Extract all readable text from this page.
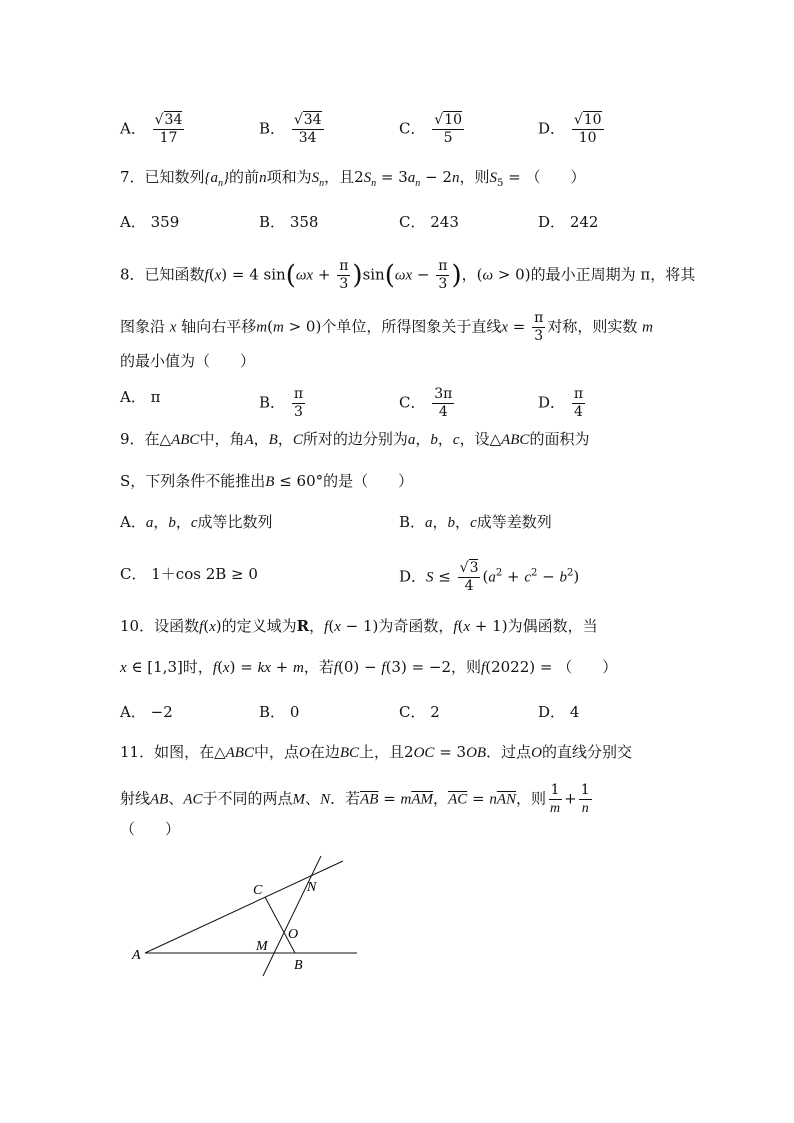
A． $\frac{√34}{17}$	B． $\frac{√34}{34}$	C． $\frac{√10}{5}$	D． $\frac{√10}{10}$
7．已知数列$\{a_n\}$的前n项和为$S_n$，且$2S_n = 3a_n - 2n$，则$S_5$ = （　　）
A． 359	B． 358	C． 243	D． 242
8．已知函数f(x) = 4 $\sin(\omega x + \frac{\pi}{3} )\sin(\omega x - \frac{\pi}{3}$ )，(ω > 0)的最小正周期为 π，将其
图象沿 x 轴向右平移m(m > 0)个单位，所得图象关于直线$x = \frac{\pi}{3}$ 对称，则实数 m
的最小值为（　　）
A． π	B． $\frac{\pi}{3}$	C． $\frac{3\pi}{4}$	D． $\frac{\pi}{4}$
9．在△ABC中，角A，B，C所对的边分别为a，b，c，设△ABC的面积为
S，下列条件不能推出B ≤ 60°的是（　　）
A．a，b，c成等比数列	B．a，b，c成等差数列
C． 1＋cos 2B ≥ 0	D．$S \le \frac{√3}{4} (a^2 + c^2 - b^2)$
10．设函数f(x)的定义域为R，f(x − 1)为奇函数，f(x + 1)为偶函数，当
x ∈ [1,3]时，f(x) = kx + m，若f(0) − f(3) = −2，则f(2022) = （　　）
A． −2	B． 0	C． 2	D． 4
11．如图，在△ABC中，点O在边BC上，且2OC = 3OB．过点O的直线分别交
射线AB、AC于不同的两点M、N．若$\overline{AB} = m\overline{AM}$，$\overline{AC} = n\overline{AN}$，则 $\frac{1}{m} + \frac{1}{n}$
（　　）
A
B
C
M
N
O
